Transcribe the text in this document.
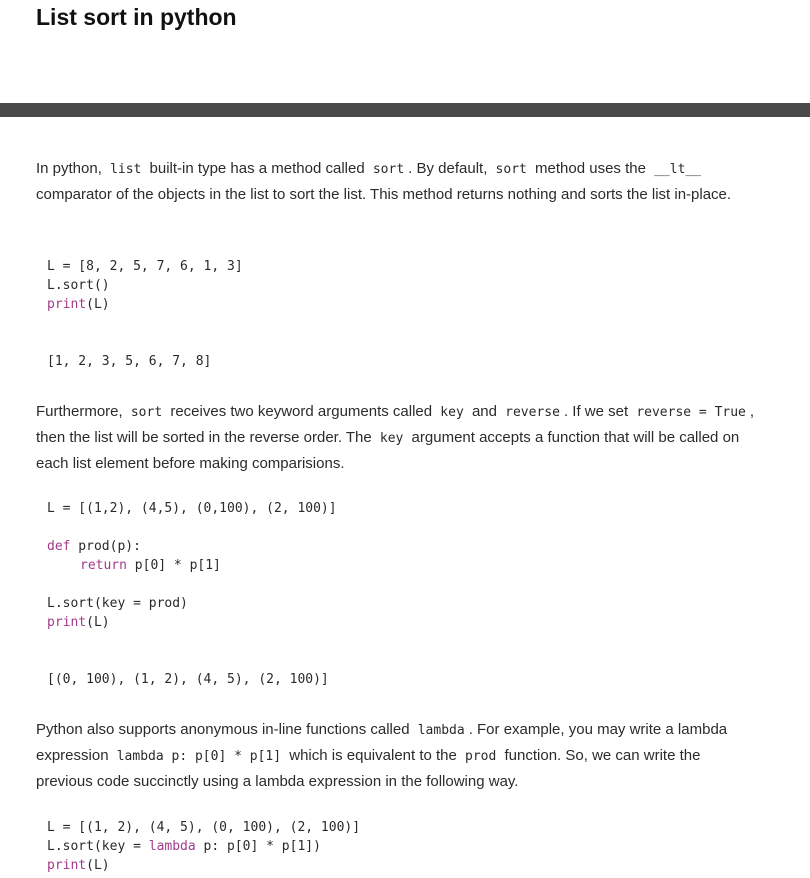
List sort in python

In python, list built-in type has a method called sort . By default, sort method uses the __lt__ comparator of the objects in the list to sort the list. This method returns nothing and sorts the list in-place.

L = [8, 2, 5, 7, 6, 1, 3]
L.sort()
print(L)
[1, 2, 3, 5, 6, 7, 8]

Furthermore, sort receives two keyword arguments called key and reverse . If we set reverse = True , then the list will be sorted in the reverse order. The key argument accepts a function that will be called on each list element before making comparisions.

L = [(1,2), (4,5), (0,100), (2, 100)]
def prod(p):
return p[0] * p[1]
L.sort(key = prod)
print(L)
[(0, 100), (1, 2), (4, 5), (2, 100)]

Python also supports anonymous in-line functions called lambda . For example, you may write a lambda expression lambda p: p[0] * p[1] which is equivalent to the prod function. So, we can write the previous code succinctly using a lambda expression in the following way.

L = [(1, 2), (4, 5), (0, 100), (2, 100)]
L.sort(key = lambda p: p[0] * p[1])
print(L)
